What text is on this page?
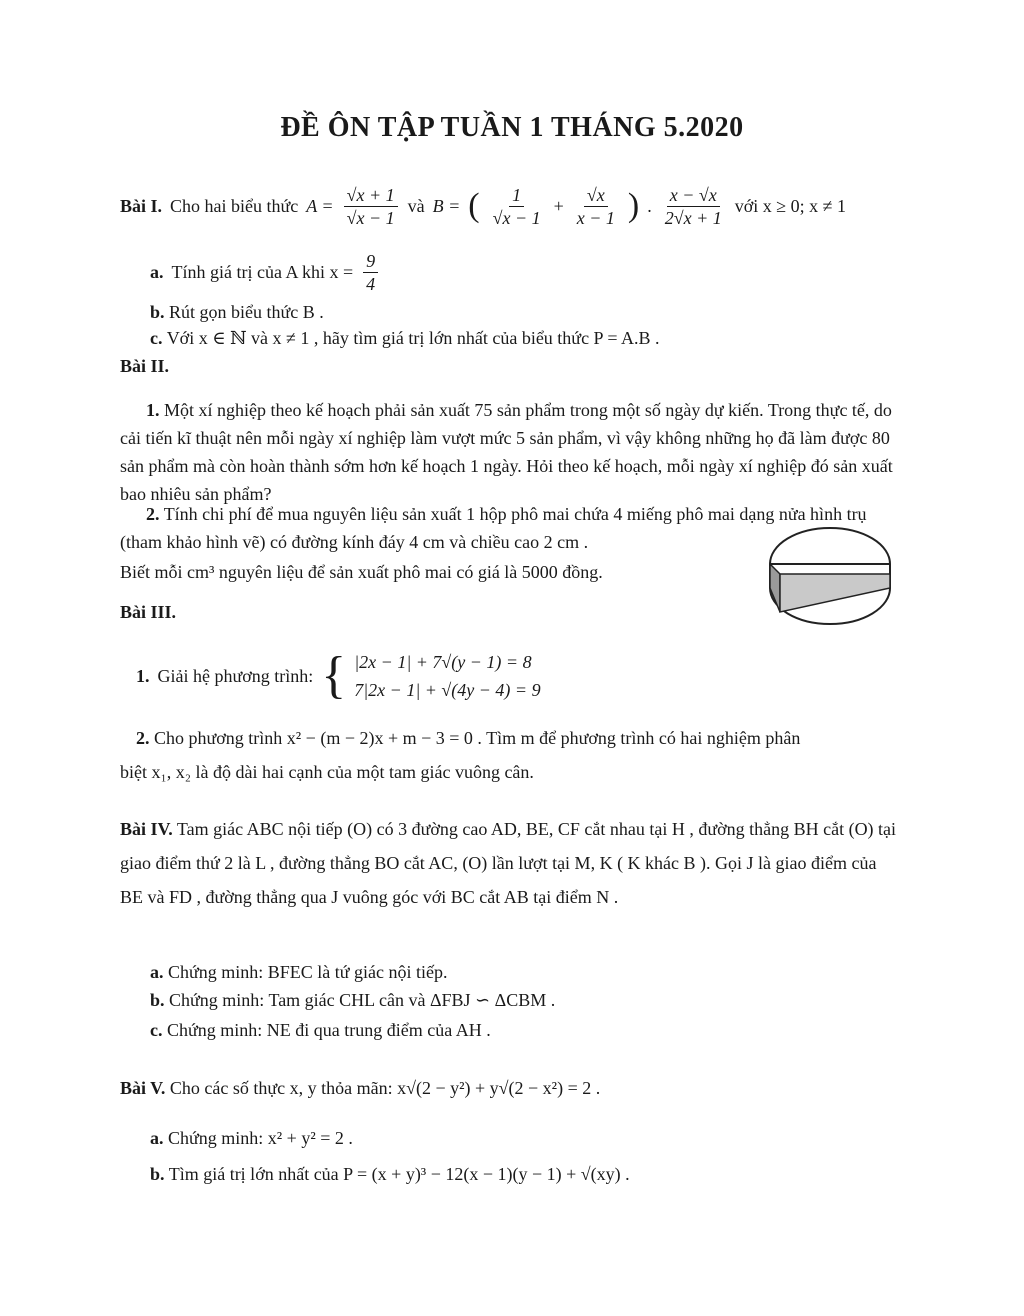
ĐỀ ÔN TẬP TUẦN 1 THÁNG 5.2020
Bài I. Cho hai biểu thức $A = \frac{√x + 1}{√x - 1}$ và B = ( $\frac{1}{√x - 1} + \frac{√x}{x - 1}$ ) . $\frac{x - √x}{2√x + 1}$ với x ≥ 0; x ≠ 1
a. Tính giá trị của A khi $x = \frac{9}{4}$
b. Rút gọn biểu thức B .
c. Với x ∈ ℕ và x ≠ 1 , hãy tìm giá trị lớn nhất của biểu thức P = A.B .
Bài II.
1. Một xí nghiệp theo kế hoạch phải sản xuất 75 sản phẩm trong một số ngày dự kiến. Trong thực tế, do cải tiến kĩ thuật nên mỗi ngày xí nghiệp làm vượt mức 5 sản phẩm, vì vậy không những họ đã làm được 80 sản phẩm mà còn hoàn thành sớm hơn kế hoạch 1 ngày. Hỏi theo kế hoạch, mỗi ngày xí nghiệp đó sản xuất bao nhiêu sản phẩm?
2. Tính chi phí để mua nguyên liệu sản xuất 1 hộp phô mai chứa 4 miếng phô mai dạng nửa hình trụ (tham khảo hình vẽ) có đường kính đáy 4 cm và chiều cao 2 cm .
Biết mỗi cm³ nguyên liệu để sản xuất phô mai có giá là 5000 đồng.
Bài III.
1. Giải hệ phương trình: { |2x − 1| + 7√(y − 1) = 8
7|2x − 1| + √(4y − 4) = 9
2. Cho phương trình x² − (m − 2)x + m − 3 = 0 . Tìm m để phương trình có hai nghiệm phân
biệt x₁, x₂ là độ dài hai cạnh của một tam giác vuông cân.
Bài IV. Tam giác ABC nội tiếp (O) có 3 đường cao AD, BE, CF cắt nhau tại H , đường thẳng BH cắt (O) tại giao điểm thứ 2 là L , đường thẳng BO cắt AC, (O) lần lượt tại M, K ( K khác B ). Gọi J là giao điểm của BE và FD , đường thẳng qua J vuông góc với BC cắt AB tại điểm N .
a. Chứng minh: BFEC là tứ giác nội tiếp.
b. Chứng minh: Tam giác CHL cân và ΔFBJ ∽ ΔCBM .
c. Chứng minh: NE đi qua trung điểm của AH .
Bài V. Cho các số thực x, y thỏa mãn: x√(2 − y²) + y√(2 − x²) = 2 .
a. Chứng minh: x² + y² = 2 .
b. Tìm giá trị lớn nhất của P = (x + y)³ − 12(x − 1)(y − 1) + √(xy) .
